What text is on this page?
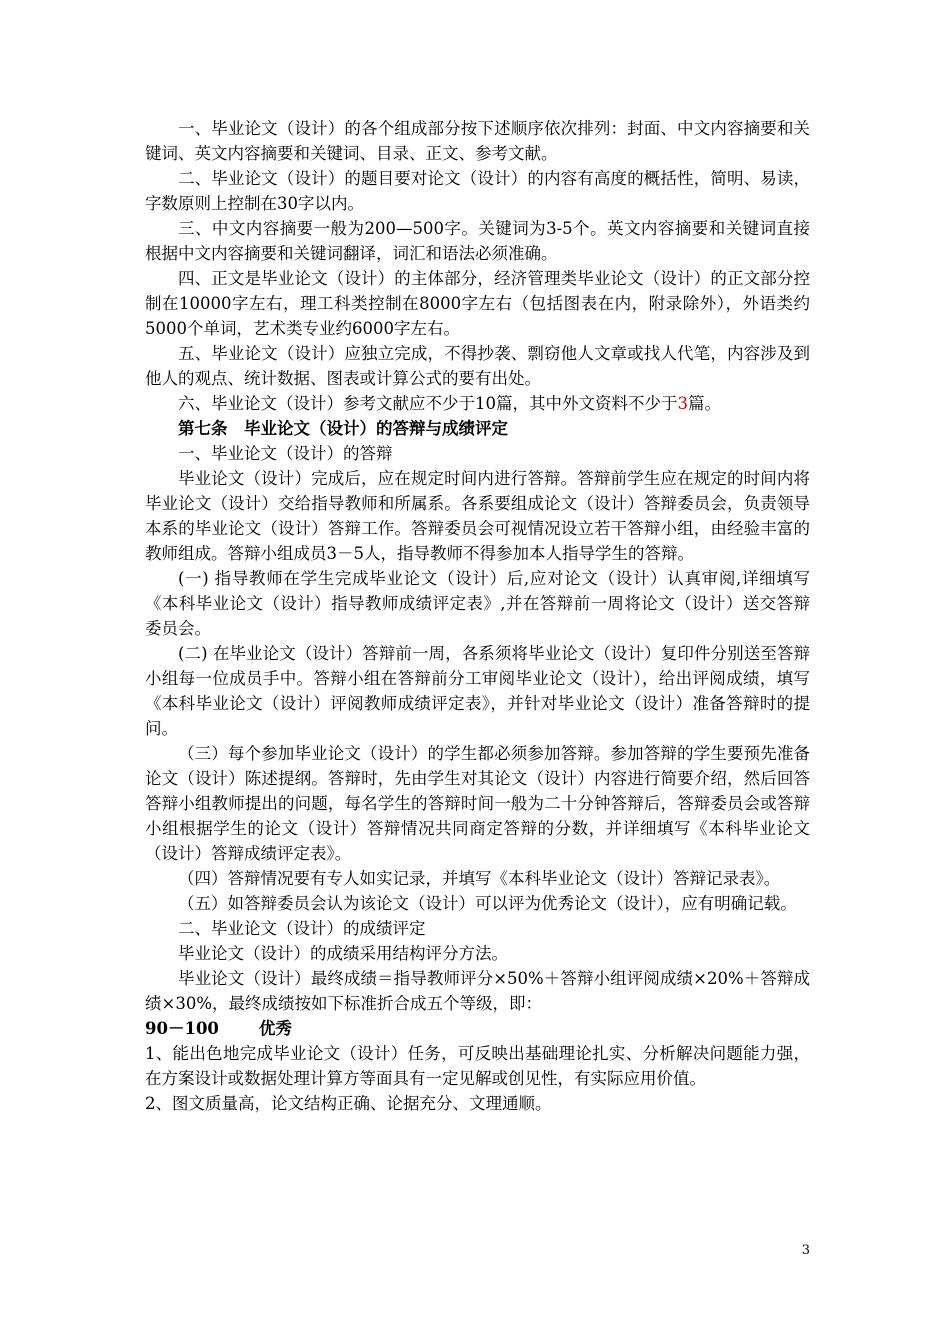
一、毕业论文（设计）的各个组成部分按下述顺序依次排列：封面、中文内容摘要和关键词、英文内容摘要和关键词、目录、正文、参考文献。

二、毕业论文（设计）的题目要对论文（设计）的内容有高度的概括性，简明、易读，字数原则上控制在30字以内。

三、中文内容摘要一般为200—500字。关键词为3-5个。英文内容摘要和关键词直接根据中文内容摘要和关键词翻译，词汇和语法必须准确。

四、正文是毕业论文（设计）的主体部分，经济管理类毕业论文（设计）的正文部分控制在10000字左右，理工科类控制在8000字左右（包括图表在内，附录除外），外语类约5000个单词，艺术类专业约6000字左右。

五、毕业论文（设计）应独立完成，不得抄袭、剽窃他人文章或找人代笔，内容涉及到他人的观点、统计数据、图表或计算公式的要有出处。

六、毕业论文（设计）参考文献应不少于10篇，其中外文资料不少于3篇。

第七条　毕业论文（设计）的答辩与成绩评定

一、毕业论文（设计）的答辩

毕业论文（设计）完成后，应在规定时间内进行答辩。答辩前学生应在规定的时间内将毕业论文（设计）交给指导教师和所属系。各系要组成论文（设计）答辩委员会，负责领导本系的毕业论文（设计）答辩工作。答辩委员会可视情况设立若干答辩小组，由经验丰富的教师组成。答辩小组成员3－5人，指导教师不得参加本人指导学生的答辩。

(一) 指导教师在学生完成毕业论文（设计）后,应对论文（设计）认真审阅,详细填写《本科毕业论文（设计）指导教师成绩评定表》,并在答辩前一周将论文（设计）送交答辩委员会。

(二) 在毕业论文（设计）答辩前一周，各系须将毕业论文（设计）复印件分别送至答辩小组每一位成员手中。答辩小组在答辩前分工审阅毕业论文（设计），给出评阅成绩，填写《本科毕业论文（设计）评阅教师成绩评定表》，并针对毕业论文（设计）准备答辩时的提问。

（三）每个参加毕业论文（设计）的学生都必须参加答辩。参加答辩的学生要预先准备论文（设计）陈述提纲。答辩时，先由学生对其论文（设计）内容进行简要介绍，然后回答答辩小组教师提出的问题，每名学生的答辩时间一般为二十分钟答辩后，答辩委员会或答辩小组根据学生的论文（设计）答辩情况共同商定答辩的分数，并详细填写《本科毕业论文（设计）答辩成绩评定表》。

（四）答辩情况要有专人如实记录，并填写《本科毕业论文（设计）答辩记录表》。

（五）如答辩委员会认为该论文（设计）可以评为优秀论文（设计），应有明确记载。

二、毕业论文（设计）的成绩评定

毕业论文（设计）的成绩采用结构评分方法。

毕业论文（设计）最终成绩＝指导教师评分×50%＋答辩小组评阅成绩×20%＋答辩成绩×30%，最终成绩按如下标准折合成五个等级，即：

90－100 优秀

1、能出色地完成毕业论文（设计）任务，可反映出基础理论扎实、分析解决问题能力强，在方案设计或数据处理计算方等面具有一定见解或创见性，有实际应用价值。

2、图文质量高，论文结构正确、论据充分、文理通顺。

3
